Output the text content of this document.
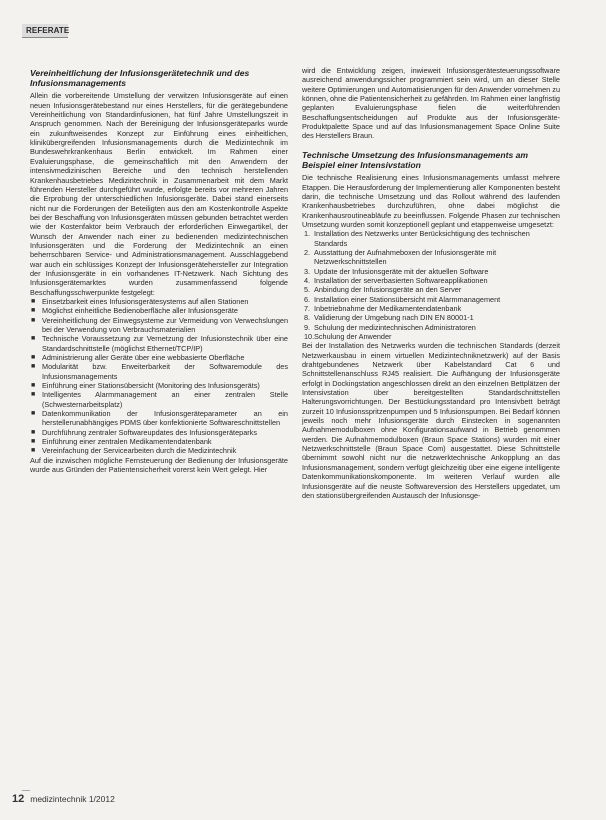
REFERATE
Vereinheitlichung der Infusionsgerätetechnik und des Infusionsmanagements

Allein die vorbereitende Umstellung der verwitzen Infusionsgeräte auf einen neuen Infusionsgerätebestand nur eines Herstellers, für die gerätegebundene Vereinheitlichung von Standardinfusionen, hat fünf Jahre Umstellungszeit in Anspruch genommen. Nach der Bereinigung der Infusionsgeräteparks wurde ein zukunftweisendes Konzept zur Einführung eines einheitlichen, klinikübergreifenden Infusionsmanagements durch die Medizintechnik im Bundeswehrkrankenhaus Berlin entwickelt. Im Rahmen einer Evaluierungsphase, die gemeinschaftlich mit den Anwendern der intensivmedizinischen Bereiche und den technisch herstellenden Krankenhausbetriebes Medizintechnik in Zusammenarbeit mit dem Markt führenden Hersteller durchgeführt wurde, erfolgte bereits vor mehreren Jahren die Erprobung der unterschiedlichen Infusionsgeräte. Dabei stand einerseits nicht nur die Forderungen der Beteiligten aus den am Kostenkontrolle Aspekte bei der Beschaffung von Infusionsgeräten müssen gebunden betrachtet werden wie der Kostenfaktor beim Verbrauch der erforderlichen Einwegartikel, der Wunsch der Anwender nach einer zu bedienenden medizintechnischen Infusionsgeräten und die Forderung der Medizintechnik an einen beherrschbaren Service- und Administrationsmanagement. Ausschlaggebend war auch ein schlüssiges Konzept der Infusionsgerätehersteller zur Integration der Infusionsgeräte in ein vorhandenes IT-Netzwerk. Nach Sichtung des Infusionsgerätemarktes wurden zusammenfassend folgende Beschaffungsschwerpunkte festgelegt:

■ Einsetzbarkeit eines Infusionsgerätesystems auf allen Stationen
■ Möglichst einheitliche Bedienoberfläche aller Infusionsgeräte
■ Vereinheitlichung der Einwegsysteme zur Vermeidung von Verwechslungen bei der Verwendung von Verbrauchsmaterialien
■ Technische Voraussetzung zur Vernetzung der Infusionstechnik über eine Standardschnittstelle (möglichst Ethernet/TCP/IP)
■ Administrierung aller Geräte über eine webbasierte Oberfläche
■ Modularität bzw. Erweiterbarkeit der Softwaremodule des Infusionsmanagements
■ Einführung einer Stationsübersicht (Monitoring des Infusionsgeräts)
■ Intelligentes Alarmmanagement an einer zentralen Stelle (Schwesternarbeitsplatz)
■ Datenkommunikation der Infusionsgeräteparameter an ein herstellerunabhängiges PDMS über konfektionierte Softwareschnittstellen
■ Durchführung zentraler Softwareupdates des Infusionsgeräteparks
■ Einführung einer zentralen Medikamentendatenbank
■ Vereinfachung der Servicearbeiten durch die Medizintechnik

Auf die inzwischen mögliche Fernsteuerung der Bedienung der Infusionsgeräte wurde aus Gründen der Patientensicherheit vorerst kein Wert gelegt. Hier

wird die Entwicklung zeigen, inwieweit Infusionsgerätesteuerungssoftware ausreichend anwendungssicher programmiert sein wird, um an dieser Stelle weitere Optimierungen und Automatisierungen für den Anwender vornehmen zu können, ohne die Patientensicherheit zu gefährden. Im Rahmen einer langfristig geplanten Evaluierungsphase fielen die weiterführenden Beschaffungsentscheidungen auf Produkte aus der Infusionsgeräte-Produktpalette Space und auf das Infusionsmanagement Space Online Suite des Herstellers Braun.

Technische Umsetzung des Infusionsmanagements am Beispiel einer Intensivstation

Die technische Realisierung eines Infusionsmanagements umfasst mehrere Etappen. Die Herausforderung der Implementierung aller Komponenten besteht darin, die technische Umsetzung und das Rollout während des laufenden Krankenhausbetriebes durchzuführen, ohne dabei möglichst die Krankenhausroutineabläufe zu beeinflussen. Folgende Phasen zur technischen Umsetzung wurden somit konzeptionell geplant und etappenweise umgesetzt:

1. Installation des Netzwerks unter Berücksichtigung des technischen Standards
2. Ausstattung der Aufnahmeboxen der Infusionsgeräte mit Netzwerkschnittstellen
3. Update der Infusionsgeräte mit der aktuellen Software
4. Installation der serverbasierten Softwareapplikationen
5. Anbindung der Infusionsgeräte an den Server
6. Installation einer Stationsübersicht mit Alarmmanagement
7. Inbetriebnahme der Medikamentendatenbank
8. Validierung der Umgebung nach DIN EN 80001-1
9. Schulung der medizintechnischen Administratoren
10. Schulung der Anwender

Bei der Installation des Netzwerks wurden die technischen Standards (derzeit Netzwerkausbau in einem virtuellen Medizintechniknetzwerk) auf der Basis drahtgebundenes Netzwerk über Kabelstandard Cat 6 und Schnittstellenanschluss RJ45 realisiert. Die Aufhängung der Infusionsgeräte erfolgt in Dockingstation angeschlossen direkt an den einzelnen Bettplätzen der Intensivstation über bereitgestellten Standardschnittstellen Halterungsvorrichtungen. Der Bestückungsstandard pro Intensivbett beträgt zurzeit 10 Infusionsspritzenpumpen und 5 Infusionspumpen. Bei Bedarf können jeweils noch mehr Infusionsgeräte durch Einstecken in sogenannten Aufnahmemodulboxen ohne Konfigurationsaufwand in Betrieb genommen werden. Die Aufnahmemodulboxen (Braun Space Stations) wurden mit einer Netzwerkschnittstelle (Braun Space Com) ausgestattet. Diese Schnittstelle übernimmt sowohl nicht nur die netzwerktechnische Ankopplung an das Infusionsmanagement, sondern verfügt gleichzeitig über eine eigene intelligente Datenkommunikationskomponente. Im weiteren Verlauf wurden alle Infusionsgeräte auf die neuste Softwareversion des Herstellers upgedatet, um den stationsübergreifenden Austausch der Infusionsge-

12 medizintechnik 1/2012
